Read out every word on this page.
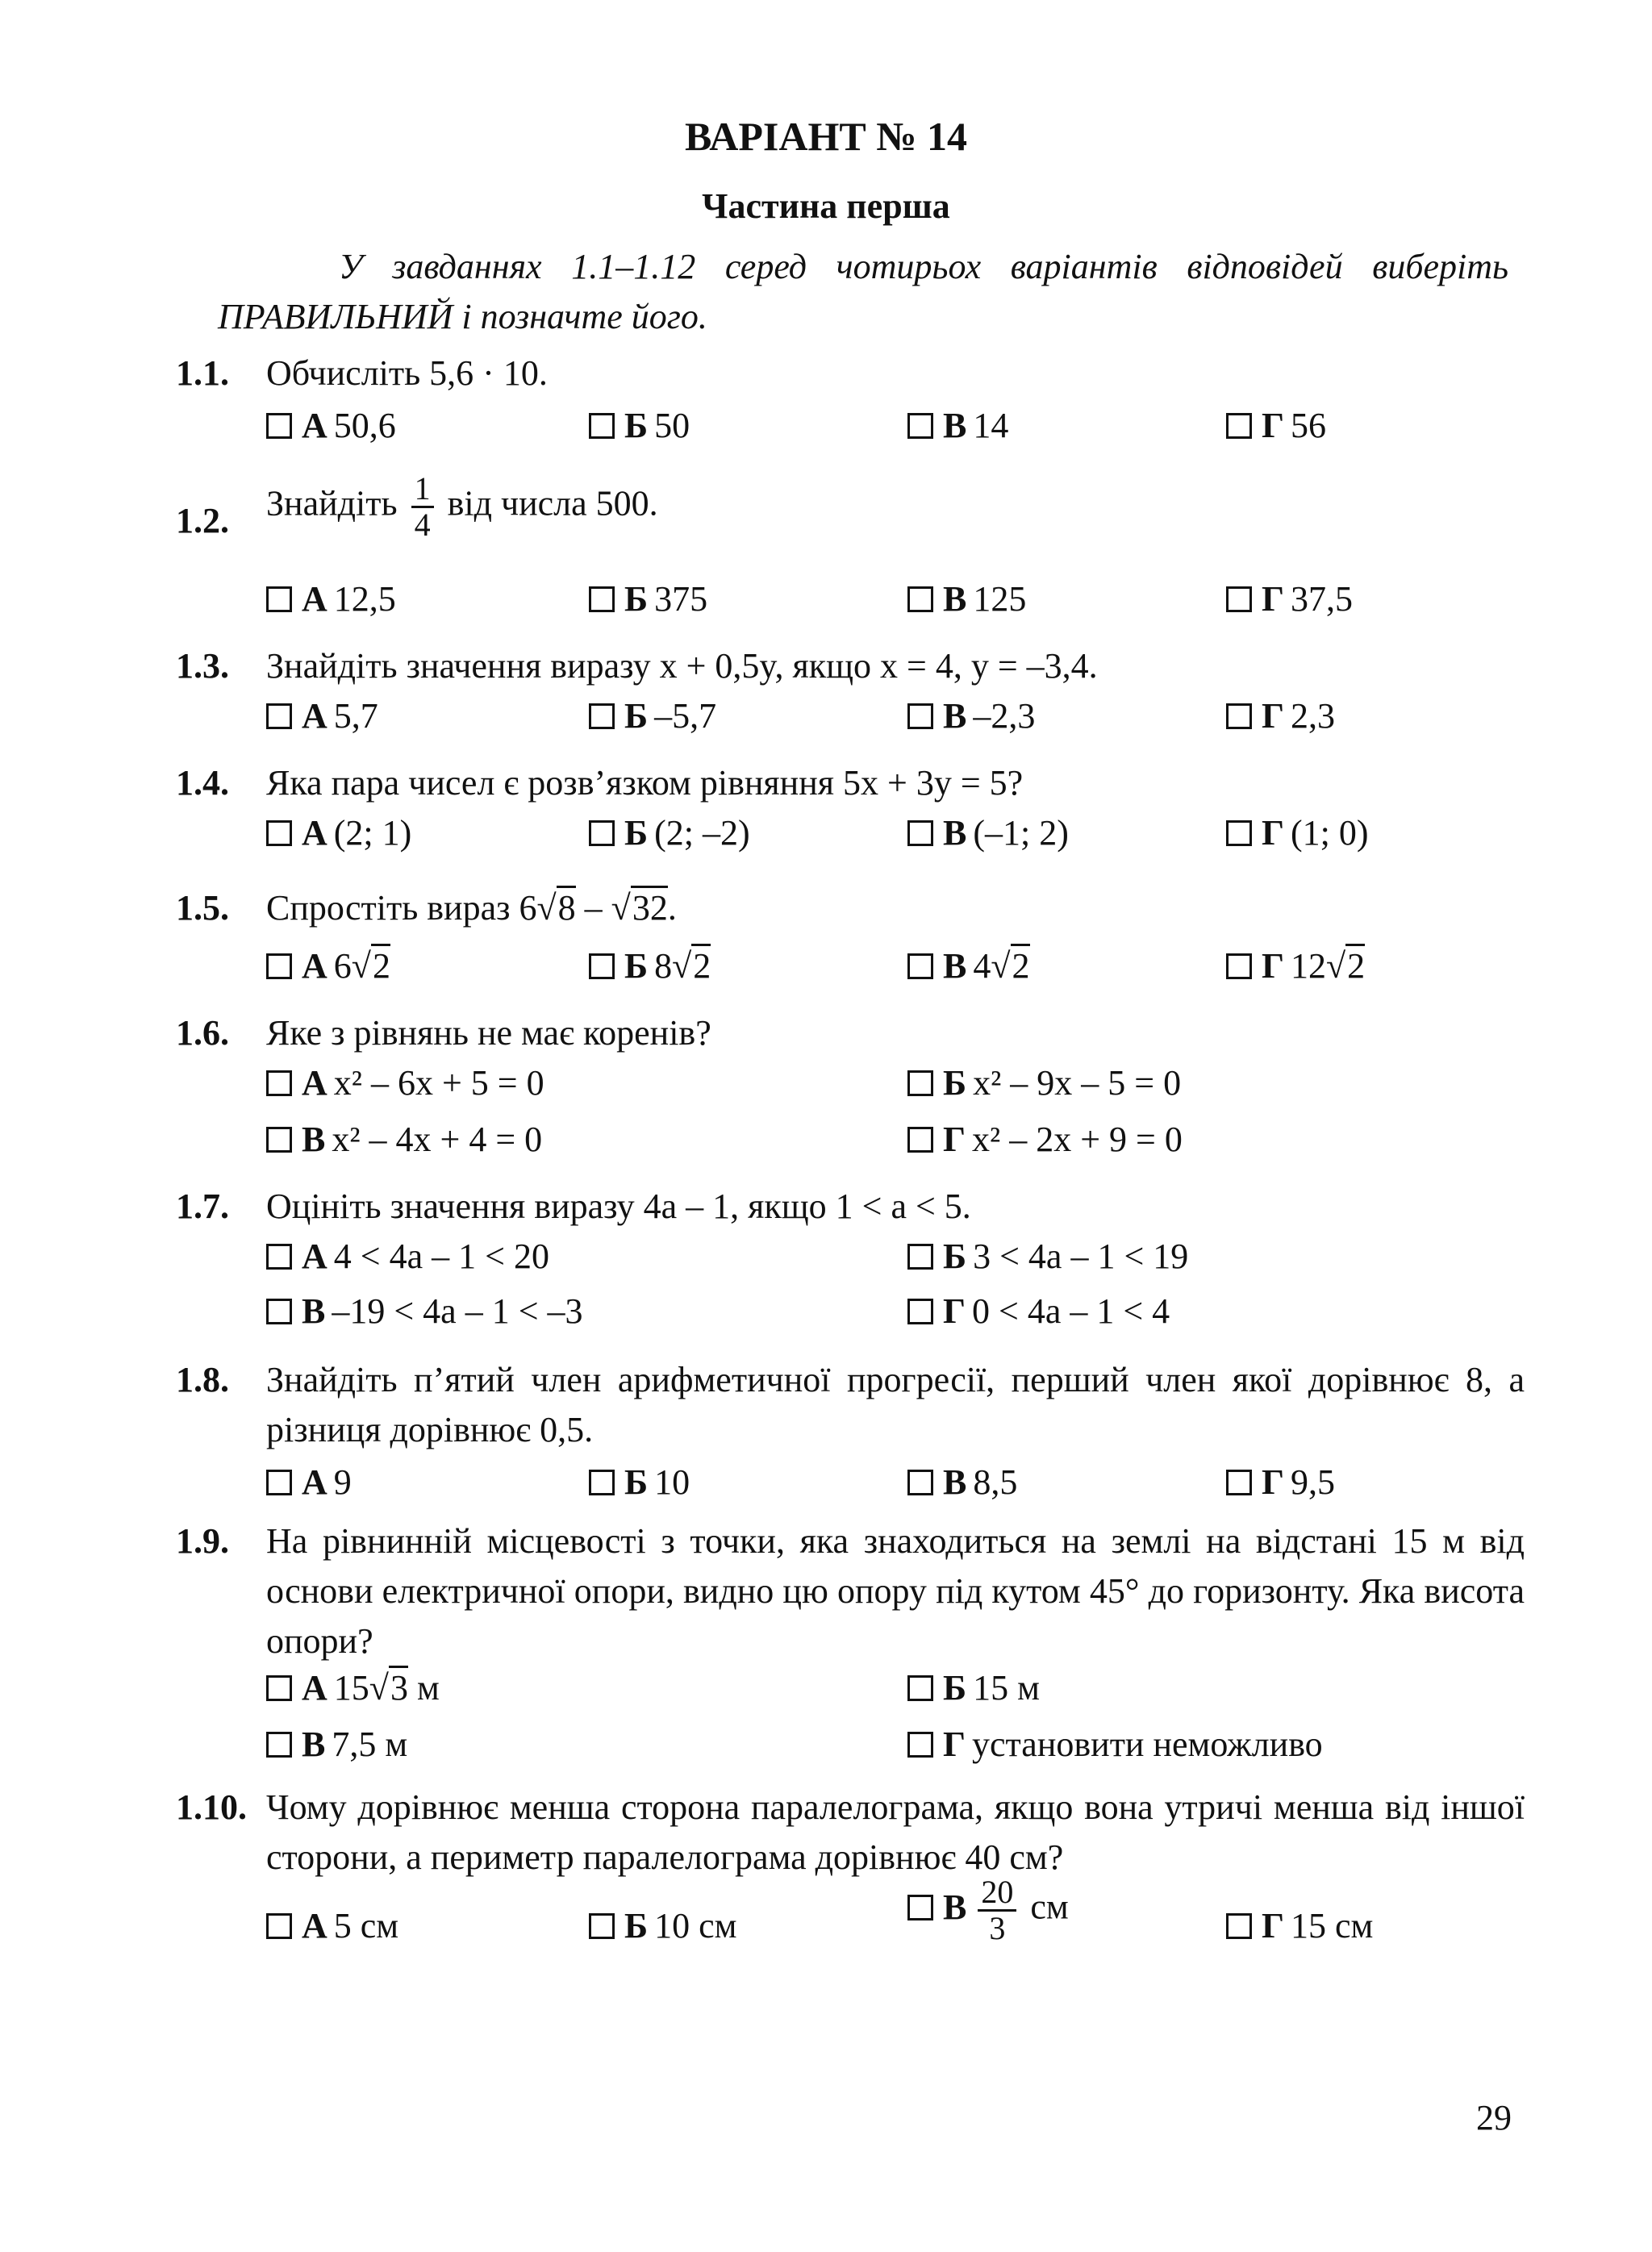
ВАРІАНТ № 14
Частина перша
У завданнях 1.1–1.12 серед чотирьох варіантів відповідей виберіть ПРАВИЛЬНИЙ і позначте його.
1.1. Обчисліть 5,6 · 10.
А 50,6	Б 50	В 14	Г 56
1.2. Знайдіть $\frac{1}{4}$ від числа 500.
А 12,5	Б 375	В 125	Г 37,5
1.3. Знайдіть значення виразу x + 0,5y, якщо x = 4, y = –3,4.
А 5,7	Б –5,7	В –2,3	Г 2,3
1.4. Яка пара чисел є розв’язком рівняння 5x + 3y = 5?
А (2; 1)	Б (2; –2)	В (–1; 2)	Г (1; 0)
1.5. Спростіть вираз 6√8 – √32.
А 6√2	Б 8√2	В 4√2	Г 12√2
1.6. Яке з рівнянь не має коренів?
А x² – 6x + 5 = 0	Б x² – 9x – 5 = 0
В x² – 4x + 4 = 0	Г x² – 2x + 9 = 0
1.7. Оцініть значення виразу 4a – 1, якщо 1 < a < 5.
А 4 < 4a – 1 < 20	Б 3 < 4a – 1 < 19
В –19 < 4a – 1 < –3	Г 0 < 4a – 1 < 4
1.8. Знайдіть п’ятий член арифметичної прогресії, перший член якої дорівнює 8, а різниця дорівнює 0,5.
А 9	Б 10	В 8,5	Г 9,5
1.9. На рівнинній місцевості з точки, яка знаходиться на землі на відстані 15 м від основи електричної опори, видно цю опору під кутом 45° до горизонту. Яка висота опори?
А 15√3 м	Б 15 м
В 7,5 м	Г установити неможливо
1.10. Чому дорівнює менша сторона паралелограма, якщо вона утричі менша від іншої сторони, а периметр паралелограма дорівнює 40 см?
А 5 см	Б 10 см	В $\frac{20}{3}$ см	Г 15 см
29
